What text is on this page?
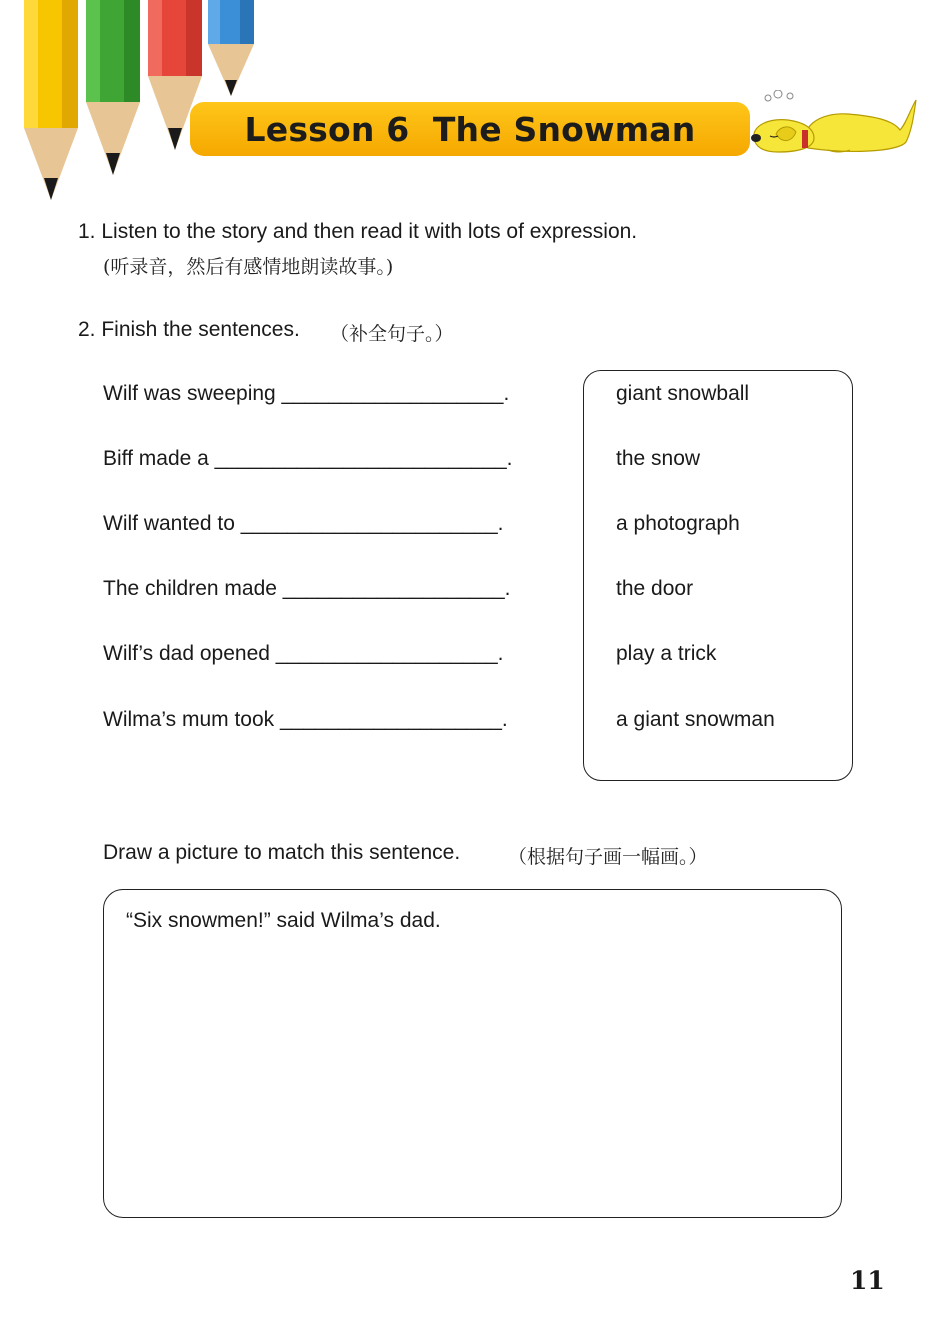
Lesson 6  The Snowman
1. Listen to the story and then read it with lots of expression.
(听录音，然后有感情地朗读故事。)
2. Finish the sentences. （补全句子。）
Wilf was sweeping ___________________.
Biff made a _________________________.
Wilf wanted to ______________________.
The children made ___________________.
Wilf’s dad opened ___________________.
Wilma’s mum took ___________________.
giant snowball
the snow
a photograph
the door
play a trick
a giant snowman
Draw a picture to match this sentence.	（根据句子画一幅画。）
“Six snowmen!” said Wilma’s dad.
11
